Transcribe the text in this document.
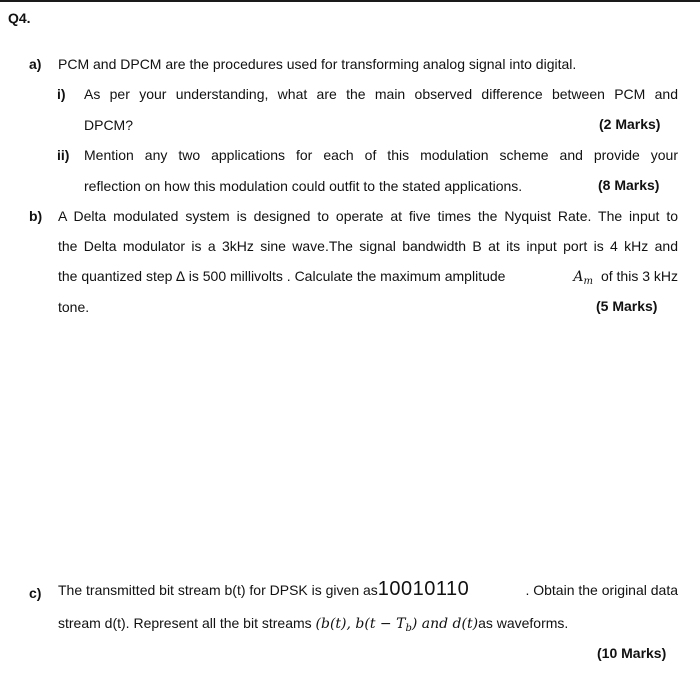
Q4.
a) PCM and DPCM are the procedures used for transforming analog signal into digital.
i) As per your understanding, what are the main observed difference between PCM and
DPCM?	(2 Marks)
ii) Mention any two applications for each of this modulation scheme and provide your
reflection on how this modulation could outfit to the stated applications.	(8 Marks)
b) A Delta modulated system is designed to operate at five times the Nyquist Rate. The input to
the Delta modulator is a 3kHz sine wave.The signal bandwidth B at its input port is 4 kHz and
the quantized step ∆ is 500 millivolts . Calculate the maximum amplitude	$A_m$ of this 3 kHz
tone.	(5 Marks)
c) The transmitted bit stream b(t) for DPSK is given as10010110	. Obtain the original data
stream d(t). Represent all the bit streams (b(t), $b(t - T_b)$ and d(t)as waveforms.
(10 Marks)
